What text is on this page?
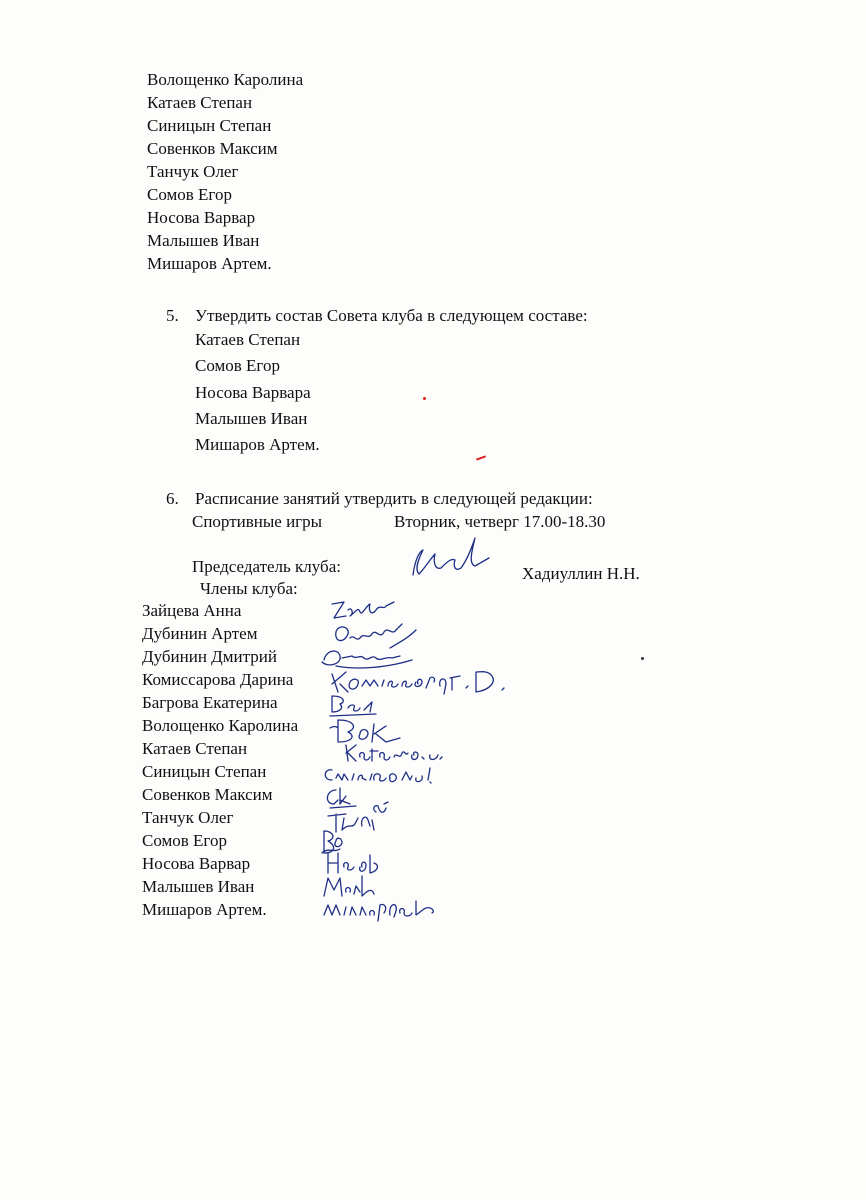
Волощенко Каролина
Катаев Степан
Синицын Степан
Совенков Максим
Танчук Олег
Сомов Егор
Носова Варвар
Малышев Иван
Мишаров Артем.
5. Утвердить состав Совета клуба в следующем составе:
Катаев Степан
Сомов Егор
Носова Варвара
Малышев Иван
Мишаров Артем.
6. Расписание занятий утвердить в следующей редакции:
Спортивные игры	Вторник, четверг 17.00-18.30
Председатель клуба:	Хадиуллин Н.Н.
Члены клуба:
Зайцева Анна
Дубинин Артем
Дубинин Дмитрий
Комиссарова Дарина
Багрова Екатерина
Волощенко Каролина
Катаев Степан
Синицын Степан
Совенков Максим
Танчук Олег
Сомов Егор
Носова Варвар
Малышев Иван
Мишаров Артем.
